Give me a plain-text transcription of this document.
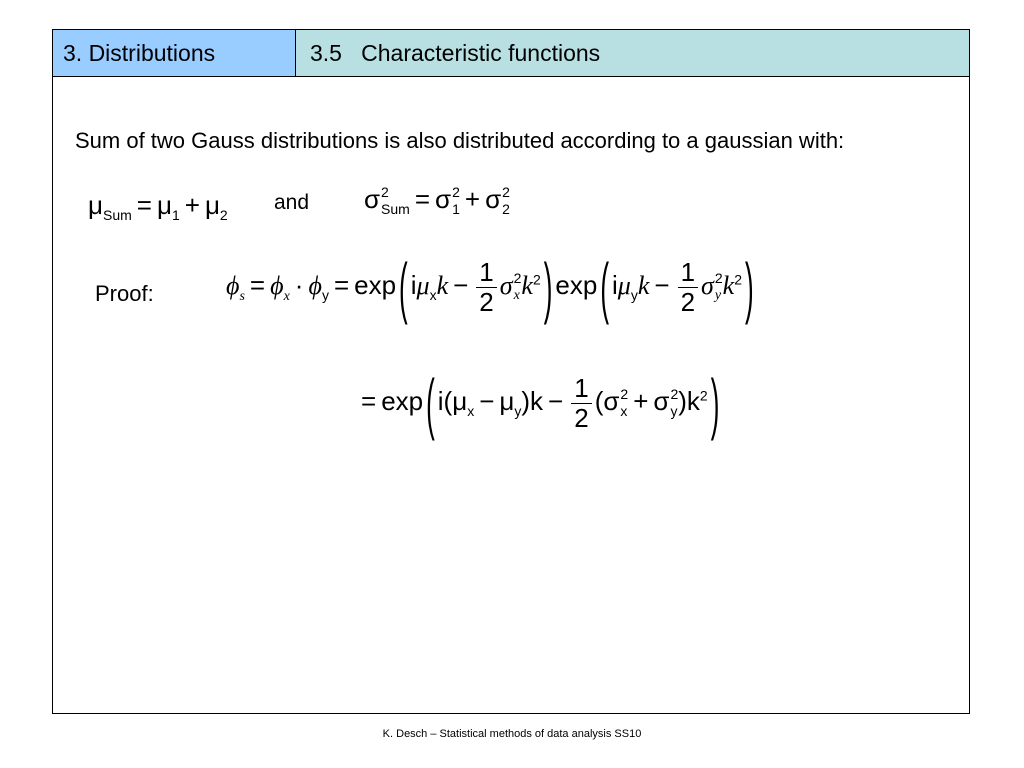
3. Distributions	3.5   Characteristic functions
Sum of two Gauss distributions is also distributed according to a gaussian with:
$\mu_{Sum} = \mu_1 + \mu_2$
and σ 2
Sum = σ 2
1 + σ 2
2
Proof:	$\phi_s = \phi_x \cdot \phi_y = \exp$ ( $i\mu_xk - \frac{1}{2}$ σ 2
x $k^2$ ) exp ( $i\mu_yk - \frac{1}{2}$ σ 2
y $k^2$ )
= exp ( $i(\mu_x - \mu_y)k - \frac{1}{2} (\sigma$ 2
x + σ 2
y )$k^2$ )
K. Desch – Statistical methods of data analysis SS10
